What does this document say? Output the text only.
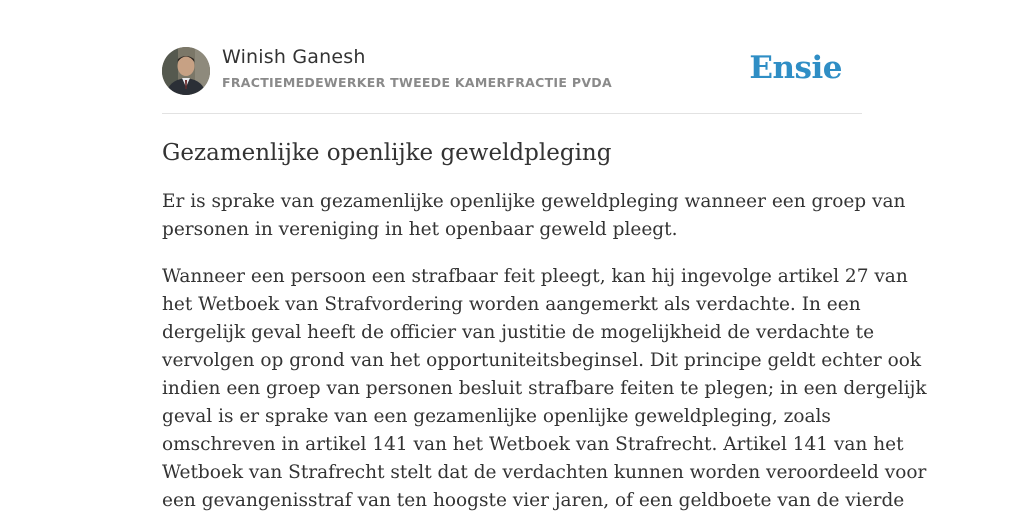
Winish Ganesh
FRACTIEMEDEWERKER TWEEDE KAMERFRACTIE PVDA	Ensie
Gezamenlijke openlijke geweldpleging

Er is sprake van gezamenlijke openlijke geweldpleging wanneer een groep van
personen in vereniging in het openbaar geweld pleegt.

Wanneer een persoon een strafbaar feit pleegt, kan hij ingevolge artikel 27 van
het Wetboek van Strafvordering worden aangemerkt als verdachte. In een
dergelijk geval heeft de officier van justitie de mogelijkheid de verdachte te
vervolgen op grond van het opportuniteitsbeginsel. Dit principe geldt echter ook
indien een groep van personen besluit strafbare feiten te plegen; in een dergelijk
geval is er sprake van een gezamenlijke openlijke geweldpleging, zoals
omschreven in artikel 141 van het Wetboek van Strafrecht. Artikel 141 van het
Wetboek van Strafrecht stelt dat de verdachten kunnen worden veroordeeld voor
een gevangenisstraf van ten hoogste vier jaren, of een geldboete van de vierde
